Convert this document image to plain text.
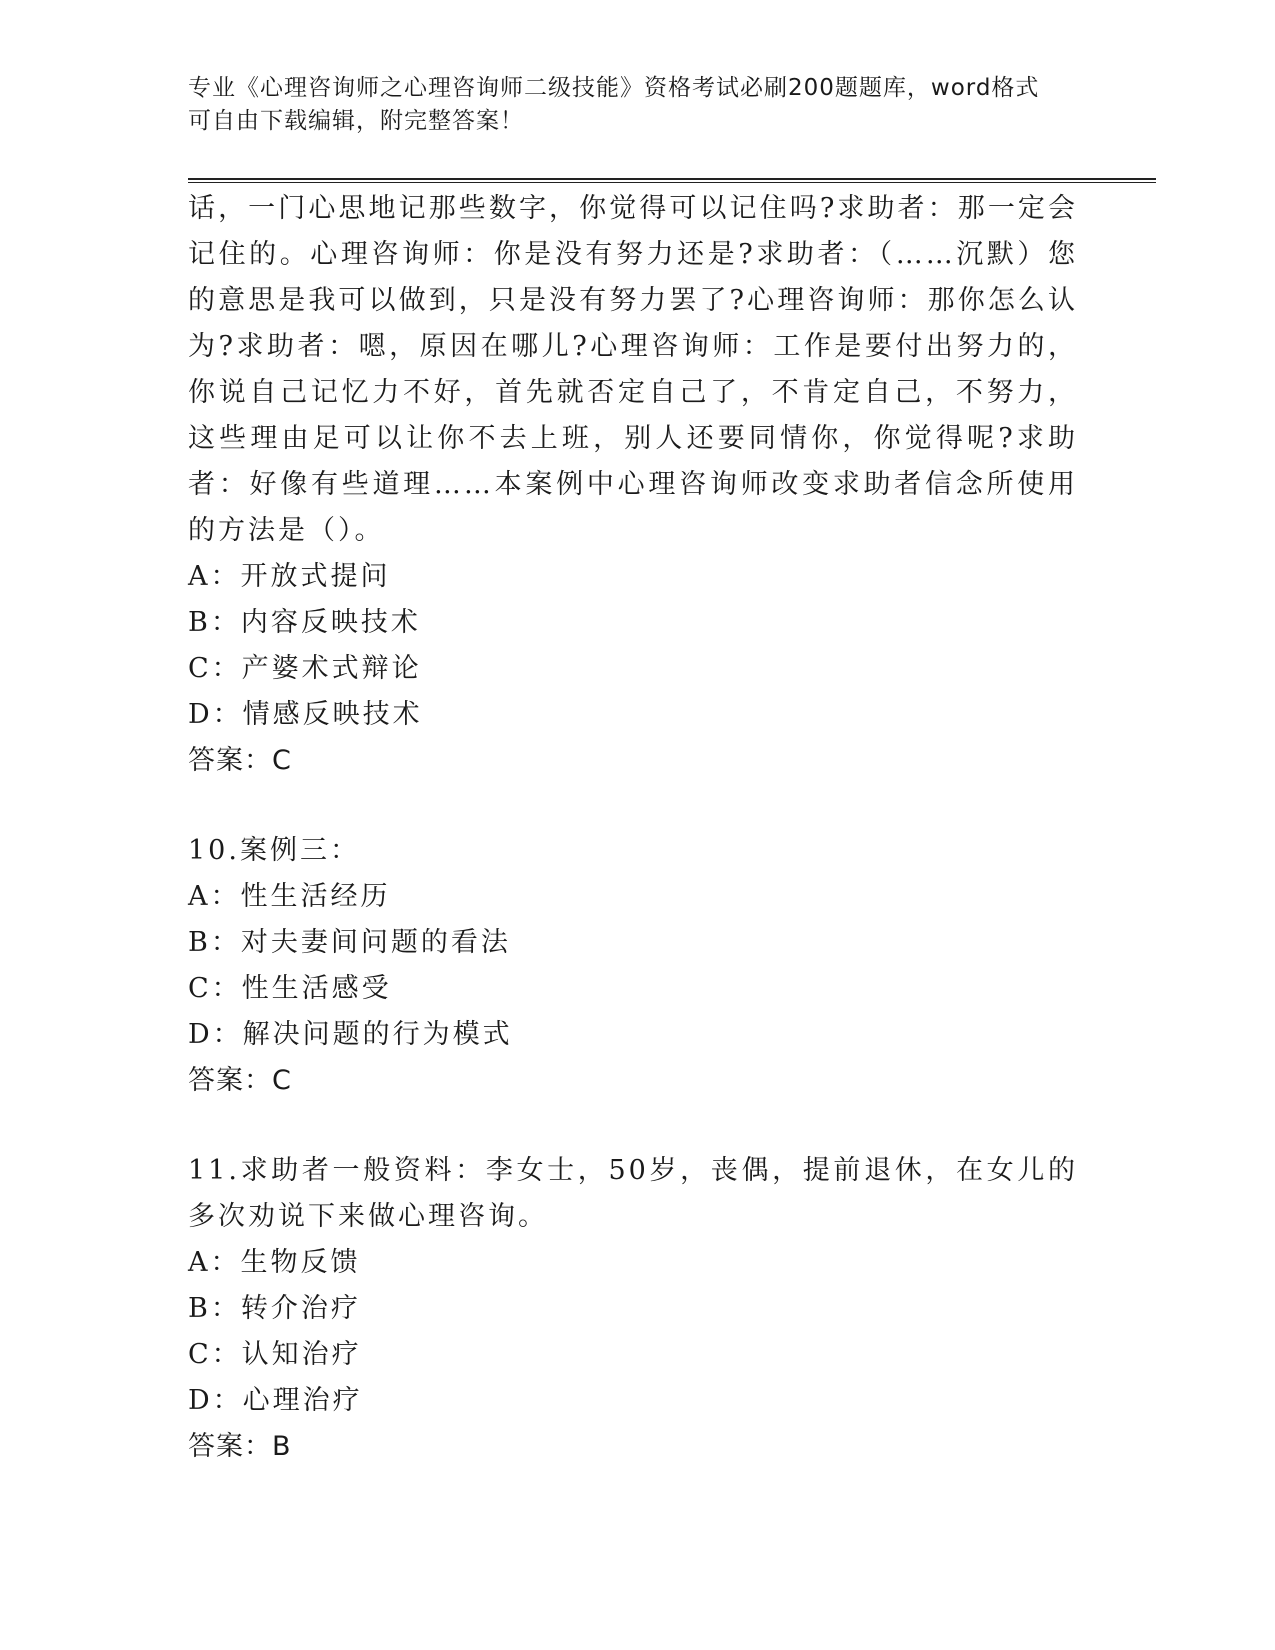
专业《心理咨询师之心理咨询师二级技能》资格考试必刷200题题库，word格式
可自由下载编辑，附完整答案！

话，一门心思地记那些数字，你觉得可以记住吗?求助者：那一定会记住的。心理咨询师：你是没有努力还是?求助者：（……沉默）您的意思是我可以做到，只是没有努力罢了?心理咨询师：那你怎么认为?求助者：嗯，原因在哪儿?心理咨询师：工作是要付出努力的，你说自己记忆力不好，首先就否定自己了，不肯定自己，不努力，这些理由足可以让你不去上班，别人还要同情你，你觉得呢?求助者：好像有些道理……本案例中心理咨询师改变求助者信念所使用的方法是（）。

A：开放式提问

B：内容反映技术

C：产婆术式辩论

D：情感反映技术

答案：C

10.案例三：

A：性生活经历

B：对夫妻间问题的看法

C：性生活感受

D：解决问题的行为模式

答案：C

11.求助者一般资料：李女士，50岁，丧偶，提前退休，在女儿的多次劝说下来做心理咨询。

A：生物反馈

B：转介治疗

C：认知治疗

D：心理治疗

答案：B
